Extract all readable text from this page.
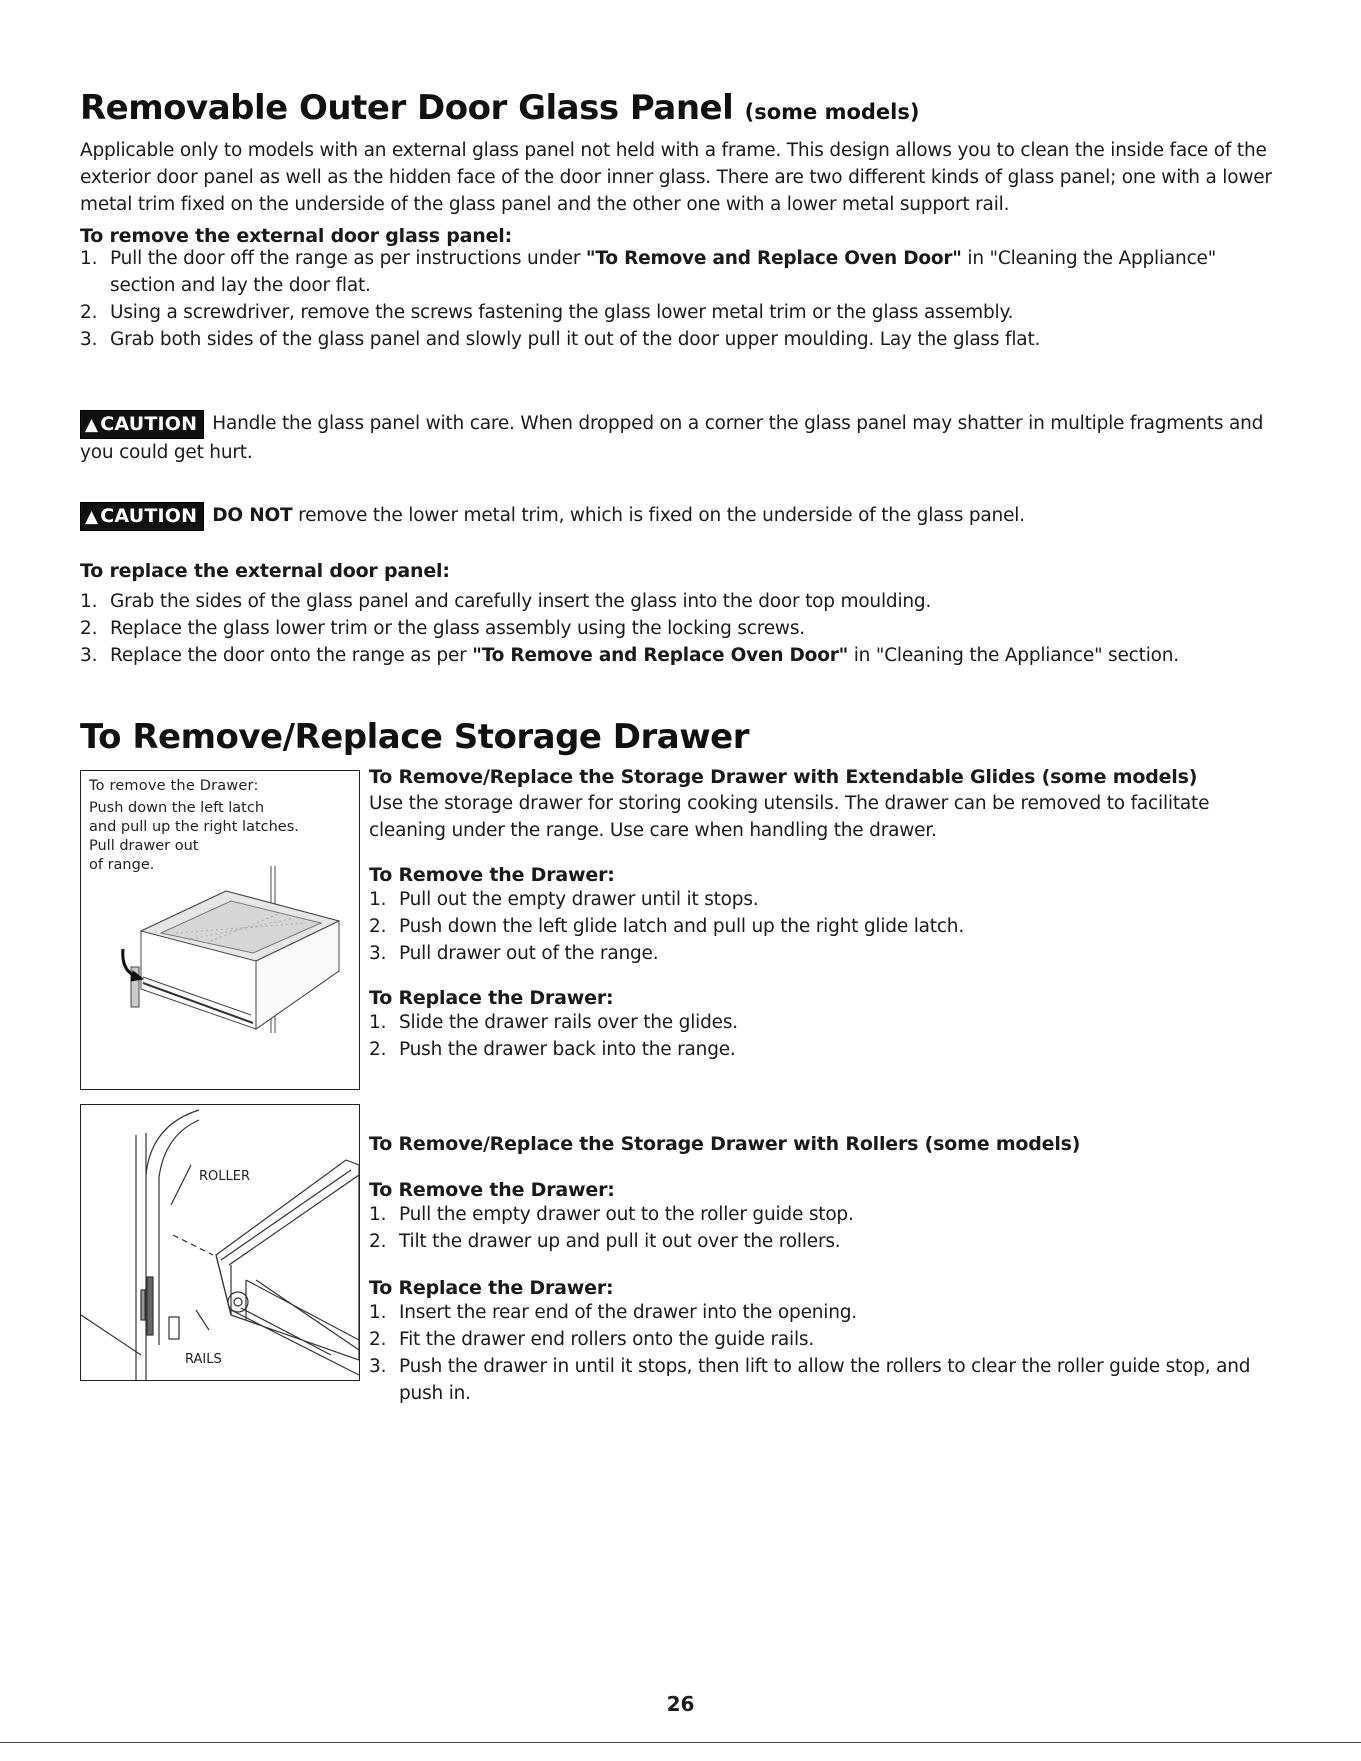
Removable Outer Door Glass Panel (some models)

Applicable only to models with an external glass panel not held with a frame. This design allows you to clean the inside face of the exterior door panel as well as the hidden face of the door inner glass. There are two different kinds of glass panel; one with a lower metal trim fixed on the underside of the glass panel and the other one with a lower metal support rail.

To remove the external door glass panel:
1. Pull the door off the range as per instructions under "To Remove and Replace Oven Door" in "Cleaning the Appliance" section and lay the door flat.
2. Using a screwdriver, remove the screws fastening the glass lower metal trim or the glass assembly.
3. Grab both sides of the glass panel and slowly pull it out of the door upper moulding. Lay the glass flat.

▲ CAUTION Handle the glass panel with care. When dropped on a corner the glass panel may shatter in multiple fragments and you could get hurt.

▲ CAUTION DO NOT remove the lower metal trim, which is fixed on the underside of the glass panel.

To replace the external door panel:
1. Grab the sides of the glass panel and carefully insert the glass into the door top moulding.
2. Replace the glass lower trim or the glass assembly using the locking screws.
3. Replace the door onto the range as per "To Remove and Replace Oven Door" in "Cleaning the Appliance" section.
To Remove/Replace Storage Drawer
To remove the Drawer:
Push down the left latch
and pull up the right latches.
Pull drawer out
of range.
ROLLER
RAILS
To Remove/Replace the Storage Drawer with Extendable Glides (some models)

Use the storage drawer for storing cooking utensils. The drawer can be removed to facilitate cleaning under the range. Use care when handling the drawer.

To Remove the Drawer:
1. Pull out the empty drawer until it stops.
2. Push down the left glide latch and pull up the right glide latch.
3. Pull drawer out of the range.
To Replace the Drawer:
1. Slide the drawer rails over the glides.
2. Push the drawer back into the range.
To Remove/Replace the Storage Drawer with Rollers (some models)
To Remove the Drawer:
1. Pull the empty drawer out to the roller guide stop.
2. Tilt the drawer up and pull it out over the rollers.
To Replace the Drawer:
1. Insert the rear end of the drawer into the opening.
2. Fit the drawer end rollers onto the guide rails.
3. Push the drawer in until it stops, then lift to allow the rollers to clear the roller guide stop, and push in.
26
